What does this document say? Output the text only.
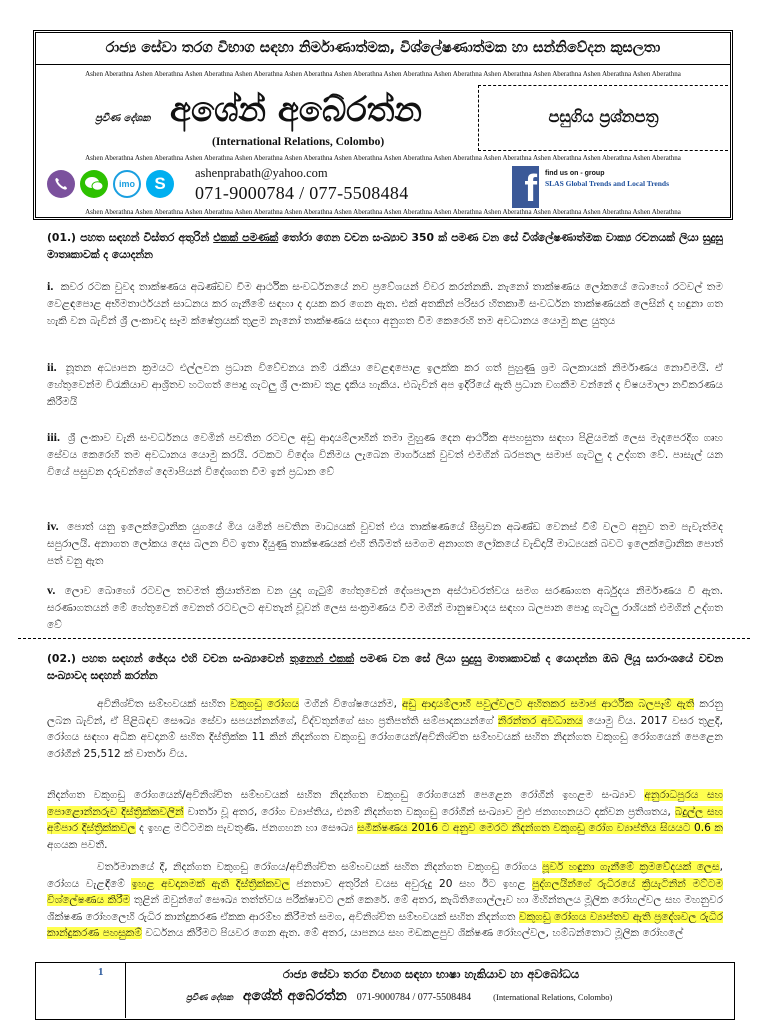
රාජ්‍ය සේවා තරග විභාග සඳහා නිර්මාණාත්මක, විශ්ලේෂණාත්මක හා සන්නිවේදන කුසලතා
Ashen Aberathna Ashen Aberathna Ashen Aberathna Ashen Aberathna Ashen Aberathna Ashen Aberathna Ashen Aberathna Ashen Aberathna Ashen Aberathna Ashen Aberathna Ashen Aberathna Ashen Aberathna
ප්‍රවීණ දේශක අශේන් අබේරත්න
(International Relations, Colombo)
පසුගිය ප්‍රශ්නපත්‍ර
Ashen Aberathna Ashen Aberathna Ashen Aberathna Ashen Aberathna Ashen Aberathna Ashen Aberathna Ashen Aberathna Ashen Aberathna Ashen Aberathna Ashen Aberathna Ashen Aberathna Ashen Aberathna
imo S
ashenprabath@yahoo.com
071-9000784 / 077-5508484	f find us on - group
SLAS Global Trends and Local Trends
Ashen Aberathna Ashen Aberathna Ashen Aberathna Ashen Aberathna Ashen Aberathna Ashen Aberathna Ashen Aberathna Ashen Aberathna Ashen Aberathna Ashen Aberathna Ashen Aberathna Ashen Aberathna
(01.) පහත සඳහන් විස්තර අතුරින් එකක් පමණක් තෝරා ගෙන වචන සංඛ්‍යාව 350 ක් පමණ වන සේ විශ්ලේෂණාත්මක වාක්‍ය රචනයක් ලියා සුදුසු මාතෘකාවක් ද යොදන්න
i. කවර රටක වුවද තාක්ෂණය අඛණ්ඩව වීම ආර්ථික සංවර්ධනයේ නව ප්‍රවේශයන් විවර කරන්නකි. නැනෝ තාක්ෂණය ලෝකයේ බොහෝ රටවල් තම වෙළඳපොළ අභිමතාර්ථයන් සාධනය කර ගැනීමේ සඳහා ද දායක කර ගෙන ඇත. එක් අතකින් පරිසර හිතකාමී සංවර්ධන තාක්ෂණයක් ලෙසින් ද හඳුනා ගත හැකි වන බැවින් ශ්‍රී ලංකාවද සෑම ක්ෂේත්‍රයක් තුළම නැනෝ තාක්ෂණය සඳහා අනුගත වීම කෙරෙහි තම අවධානය යොමු කළ යුතුය
ii. නූතන අධ්‍යාපන ක්‍රමයට එල්ලවන ප්‍රධාන විවේචනය නම් රැකියා වෙළඳපොළ ඉලක්ක කර ගත් පුහුණු ශ්‍රම බලකායක් නිර්මාණය නොවීමයි. ඒ හේතුවෙන්ම විරැකියාව ආශ්‍රිතව හටගත් පොදු ගැටලු ශ්‍රී ලංකාව තුළ දැකිය හැකිය. එබැවින් අප ඉදිරියේ ඇති ප්‍රධාන වගකීම වන්නේ ද විෂයමාලා නවීකරණය කිරීමයි
iii. ශ්‍රී ලංකාව වැනි සංවර්ධනය වෙමින් පවතින රටවල අඩු ආදායම්ලාභීන් තමා මුහුණ දෙන ආර්ථික අපහසුතා සඳහා පිළියමක් ලෙස මැදපෙරදිග ගෘහ සේවය කෙරෙහි තම අවධානය යොමු කරයි. රටකට විදේශ විනිමය ලැබෙන මාර්ගයක් වුවත් එමගින් බරපතල සමාජ ගැටලු ද උද්ගත වේ. පාසැල් යන වියේ පසුවන දරුවන්ගේ දෙමාපියන් විදේශගත වීම ඉන් ප්‍රධාන වේ
iv. පොත් යනු ඉලෙක්ට්‍රොනික යුගයේ මිය යමින් පවතින මාධ්‍යයක් වුවත් එය තාක්ෂණයේ සීඝ්‍රවන අඛණ්ඩ වෙනස් වීම් වලට අනුව තම පැවැත්මද සපුරාලයි. අනාගත ලෝකය දෙස බලන විට ඉතා දියුණු තාක්ෂණයක් එහි තිබීමත් සමගම අනාගත ලෝකයේ වැඩිදායී මාධ්‍යයක් බවට ඉලෙක්ට්‍රොනික පොත් පත් වනු ඇත
v. ලොව බොහෝ රටවල තවමත් ක්‍රියාත්මක වන යුද ගැටුම් හේතුවෙන් දේශපාලන අස්ථාවරත්වය සමග සරණාගත අර්බුදය නිර්මාණය වී ඇත. සරණාගතයන් මේ හේතුවෙන් වෙනත් රටවලට අවතැන් වූවන් ලෙස සංක්‍රමණය වීම මගින් මානුෂවාදය සඳහා බලපාන පොදු ගැටලු රාශියක් එමගින් උද්ගත වේ
(02.) පහත සඳහන් ඡේදය එහි වචන සංඛ්‍යාවෙන් තුනෙන් එකක් පමණ වන සේ ලියා සුදුසු මාතෘකාවක් ද යොදන්න ඔබ ලියූ සාරාංශයේ වචන සංඛ්‍යාවද සඳහන් කරන්න
අවිනිශ්චිත සම්භවයක් සහිත වකුගඩු රෝගය මගින් විශේෂයෙන්ම, අඩු ආදායම්ලාභී පවුල්වලට අහිතකර සමාජ ආර්ථික බලපෑම් ඇති කරනු ලබන බැවින්, ඒ පිළිබඳව සෞඛ්‍ය සේවා සපයන්නන්ගේ, විද්වතුන්ගේ සහ ප්‍රතිපත්ති සම්පාදකයන්ගේ නිරන්තර අවධානය යොමු විය. 2017 වසර තුළදී, රෝගය සඳහා අධික අවදානම් සහිත දිස්ත්‍රික්ක 11 කින් නිදන්ගත වකුගඩු රෝගයෙන්/අවිනිශ්චිත සම්භවයක් සහිත නිදන්ගත වකුගඩු රෝගයෙන් පෙළෙන රෝගීන් 25,512 ක් වාර්තා විය.
නිදන්ගත වකුගඩු රෝගයෙන්/අවිනිශ්චිත සම්භවයක් සහිත නිදන්ගත වකුගඩු රෝගයෙන් පෙළෙන රෝගීන් ඉහළම සංඛ්‍යාව අනුරාධපුරය සහ පොළොන්නරුව දිස්ත්‍රික්කවලින් වාර්තා වූ අතර, රෝග ව්‍යාප්තිය, එනම් නිදන්ගත වකුගඩු රෝගීන් සංඛ්‍යාව මුළු ජනගහනයට දක්වන ප්‍රතිශතය, බදුල්ල සහ අම්පාර දිස්ත්‍රික්කවල ද ඉහළ මට්ටමක පැවතුණි. ජනගහන හා සෞඛ්‍ය සමීක්ෂණය 2016 ට අනුව මෙරට නිදන්ගත වකුගඩු රෝග ව්‍යාප්තිය සියයට 0.6 ක අගයක පවතී.
වර්තමානයේ දී, නිදන්ගත වකුගඩු රෝගය/අවිනිශ්චිත සම්භවයක් සහිත නිදන්ගත වකුගඩු රෝගය පූර්ව හඳුනා ගැනීමේ ක්‍රමවේදයක් ලෙස, රෝගය වැළඳීමේ ඉහළ අවදානමක් ඇති දිස්ත්‍රික්කවල ජනතාව අතුරින් වයස අවුරුදු 20 සහ ඊට ඉහළ පුද්ගලයින්ගේ රුධිරයේ ක්‍රියැටිනින් මට්ටම විශ්ලේෂණය කිරීම තුළින් ඔවුන්ගේ සෞඛ්‍ය තත්ත්වය පරීක්ෂාවට ලක් කෙරේ. මේ අතර, කැබිතිගොල්ලෑව හා මිහින්තලය මූලික රෝහල්වල සහ මහනුවර ශික්ෂණ රෝහලෙහි රුධිර කාන්දුකරණ ඒකක ආරම්භ කිරීමත් සමග, අවිනිශ්චිත සම්භවයක් සහිත නිදන්ගත වකුගඩු රෝගය ව්‍යාප්තව ඇති ප්‍රදේශවල රුධිර කාන්දුකරණ පහසුකම් වර්ධනය කිරීමට පියවර ගෙන ඇත. මේ අතර, යාපනය සහ මඩකළපුව ශික්ෂණ රෝහල්වල, හම්බන්තොට මූලික රෝහලේ
1	රාජ්‍ය සේවා තරග විභාග සඳහා භාෂා හැකියාව හා අවබෝධය
ප්‍රවීණ දේශක අශේන් අබේරත්න 071-9000784 / 077-5508484	(International Relations, Colombo)
